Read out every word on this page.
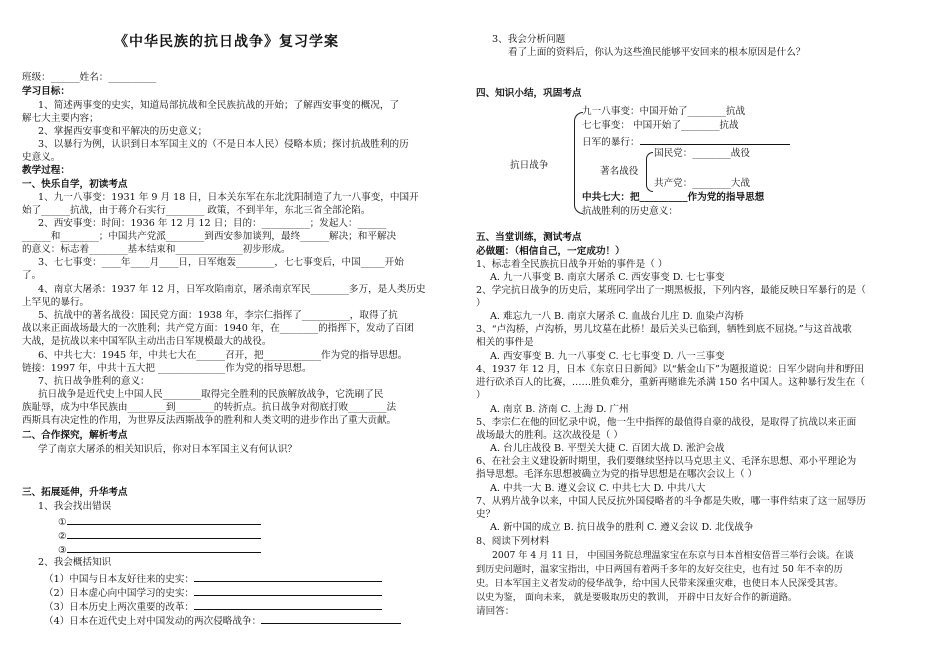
《中华民族的抗日战争》复习学案
班级：______姓名：__________
学习目标：
1、简述两事变的史实，知道局部抗战和全民族抗战的开始；了解西安事变的概况，了
解七大主要内容；
2、掌握西安事变和平解决的历史意义；
3、以暴行为例，认识到日本军国主义的（不是日本人民）侵略本质；探讨抗战胜利的历
史意义。
教学过程：
一、快乐自学，初读考点
1、九一八事变：1931 年 9 月 18 日，日本关东军在东北沈阳制造了九一八事变，中国开
始了______抗战，由于蒋介石实行________ 政策，不到半年，东北三省全部沦陷。
2、西安事变：时间：1936 年 12 月 12 日；目的：__________；发起人：______
______和________；中国共产党派________到西安参加谈判，最终______解决；和平解决
的意义：标志着________基本结束和______________初步形成。
3、七七事变：____年____月____日，日军炮轰________，七七事变后，中国_____开始
了。
4、南京大屠杀：1937 年 12 月，日军攻陷南京，屠杀南京军民________多万，是人类历史
上罕见的暴行。
5、抗战中的著名战役：国民党方面：1938 年，李宗仁指挥了__________，取得了抗
战以来正面战场最大的一次胜利；共产党方面：1940 年，在________的指挥下，发动了百团
大战，是抗战以来中国军队主动出击日军规模最大的战役。
6、中共七大：1945 年，中共七大在______召开，把____________作为党的指导思想。
链接：1997 年，中共十五大把 ______________作为党的指导思想。
7、抗日战争胜利的意义：
抗日战争是近代史上中国人民________取得完全胜利的民族解放战争，它洗刷了民
族耻辱，成为中华民族由________到________的转折点。抗日战争对彻底打败________法
西斯具有决定性的作用，为世界反法西斯战争的胜利和人类文明的进步作出了重大贡献。
二、合作探究，解析考点
学了南京大屠杀的相关知识后，你对日本军国主义有何认识？
三、拓展延伸，升华考点
1、我会找出错误
①
②
③
2、我会概括知识
（1）中国与日本友好往来的史实：
（2）日本虚心向中国学习的史实：
（3）日本历史上两次重要的改革：
（4）日本在近代史上对中国发动的两次侵略战争：
3、我会分析问题
看了上面的资料后，你认为这些渔民能够平安回来的根本原因是什么？
四、知识小结，巩固考点
抗日战争
九一八事变：中国开始了________抗战
七七事变： 中国开始了________抗战
日军的暴行：
著名战役
国民党：________战役
共产党：________大战
中共七大：把__________作为党的指导思想
抗战胜利的历史意义：
五、当堂训练，测试考点
必做题：（相信自己，一定成功！）
1、标志着全民族抗日战争开始的事件是（ ）
A. 九一八事变 B. 南京大屠杀 C. 西安事变 D. 七七事变
2、学完抗日战争的历史后，某班同学出了一期黑板报，下列内容，最能反映日军暴行的是（
）
A. 难忘九一八 B. 南京大屠杀 C. 血战台儿庄 D. 血染卢沟桥
3、“卢沟桥，卢沟桥，男儿坟墓在此桥！最后关头已临到，牺牲到底不屈挠。”与这首战歌
相关的事件是
A. 西安事变 B. 九一八事变 C. 七七事变 D. 八一三事变
4、1937 年 12 月，日本《东京日日新闻》以“紫金山下”为题报道说：日军少尉向井和野田
进行砍杀百人的比赛，……胜负难分，重新再赌谁先杀满 150 名中国人。这种暴行发生在（
）
A. 南京 B. 济南 C. 上海 D. 广州
5、李宗仁在他的回忆录中说，他一生中指挥的最值得自豪的战役，是取得了抗战以来正面
战场最大的胜利。这次战役是（ ）
A. 台儿庄战役 B. 平型关大捷 C. 百团大战 D. 淞沪会战
6、在社会主义建设新时期里，我们要继续坚持以马克思主义、毛泽东思想、邓小平理论为
指导思想。毛泽东思想被确立为党的指导思想是在哪次会议上（ ）
A. 中共一大 B. 遵义会议 C. 中共七大 D. 中共八大
7、从鸦片战争以来，中国人民反抗外国侵略者的斗争都是失败，哪一事件结束了这一屈辱历
史？
A. 新中国的成立 B. 抗日战争的胜利 C. 遵义会议 D. 北伐战争
8、阅读下列材料
2007 年 4 月 11 日， 中国国务院总理温家宝在东京与日本首相安倍晋三举行会谈。在谈
到历史问题时，温家宝指出，中日两国有着两千多年的友好交往史，也有过 50 年不幸的历
史。日本军国主义者发动的侵华战争，给中国人民带来深重灾难，也使日本人民深受其害。
以史为鉴， 面向未来， 就是要吸取历史的教训， 开辟中日友好合作的新道路。
请回答：
